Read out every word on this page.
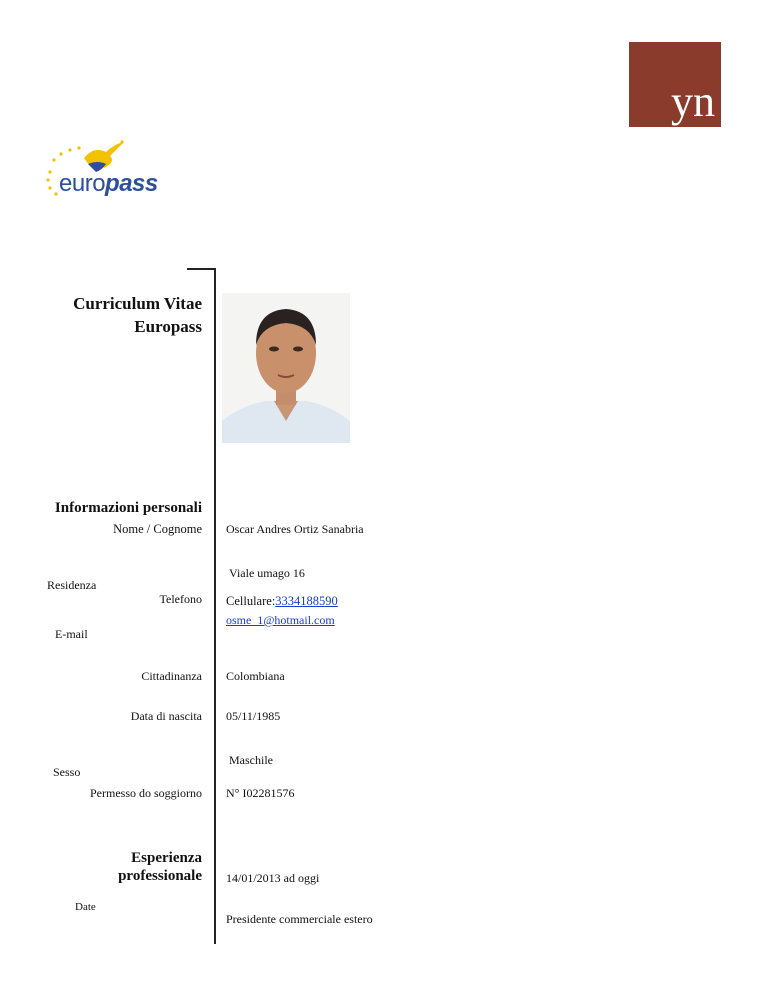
yn
europass
Curriculum Vitae
Europass
Informazioni personali
Nome / Cognome Oscar Andres Ortiz Sanabria
Viale umago 16
Residenza
Telefono Cellulare:3334188590
osme_1@hotmail.com
E-mail
Cittadinanza Colombiana
Data di nascita 05/11/1985
Maschile
Sesso
Permesso do soggiorno N° I02281576
Esperienza
professionale 14/01/2013 ad oggi
Date
Presidente commerciale estero
